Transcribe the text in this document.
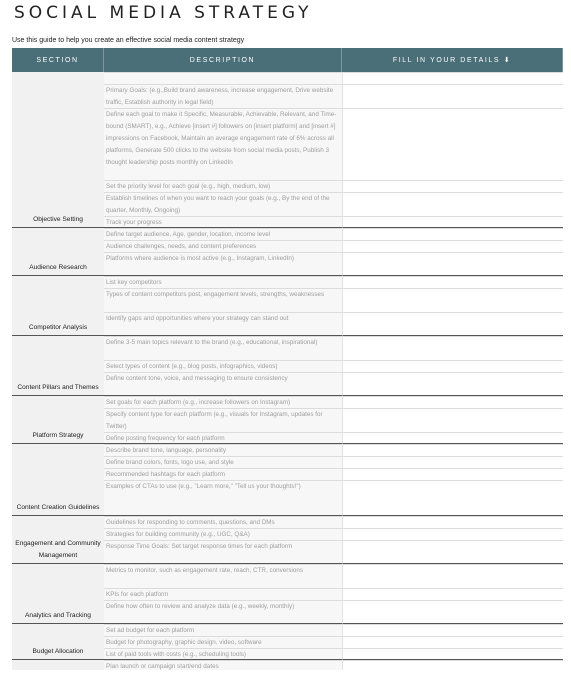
SOCIAL MEDIA STRATEGY
Use this guide to help you create an effective social media content strategy
SECTION	DESCRIPTION	FILL IN YOUR DETAILS ⬇
Objective Setting
Primary Goals: (e.g.,Build brand awareness, increase engagement, Drive website traffic, Establish authority in legal field)
Define each goal to make it Specific, Measurable, Achievable, Relevant, and Time-bound (SMART), e.g., Achieve [insert #] followers on [insert platform] and [insert #] impressions on Facebook, Maintain an average engagement rate of 6% across all platforms, Generate 500 clicks to the website from social media posts, Publish 3 thought leadership posts monthly on LinkedIn
Set the priority level for each goal (e.g., high, medium, low)
Establish timelines of when you want to reach your goals (e.g., By the end of the quarter, Monthly, Ongoing)
Track your progress
Audience Research
Define target audience, Age, gender, location, income level
Audience challenges, needs, and content preferences
Platforms where audience is most active (e.g., Instagram, LinkedIn)
Competitor Analysis
List key competitors
Types of content competitors post, engagement levels, strengths, weaknesses
Identify gaps and opportunities where your strategy can stand out
Content Pillars and Themes
Define 3-5 main topics relevant to the brand (e.g., educational, inspirational)
Select types of content (e.g., blog posts, infographics, videos)
Define content tone, voice, and messaging to ensure consistency
Platform Strategy
Set goals for each platform (e.g., increase followers on Instagram)
Specify content type for each platform (e.g., visuals for Instagram, updates for Twitter)
Define posting frequency for each platform
Content Creation Guidelines
Describe brand tone, language, personality
Define brand colors, fonts, logo use, and style
Recommended hashtags for each platform
Examples of CTAs to use (e.g., "Learn more," "Tell us your thoughts!")
Engagement and Community Management
Guidelines for responding to comments, questions, and DMs
Strategies for building community (e.g., UGC, Q&A)
Response Time Goals: Set target response times for each platform
Analytics and Tracking
Metrics to monitor, such as engagement rate, reach, CTR, conversions
KPIs for each platform
Define how often to review and analyze data (e.g., weekly, monthly)
Budget Allocation
Set ad budget for each platform
Budget for photography, graphic design, video, software
List of paid tools with costs (e.g., scheduling tools)
Plan launch or campaign start/end dates
